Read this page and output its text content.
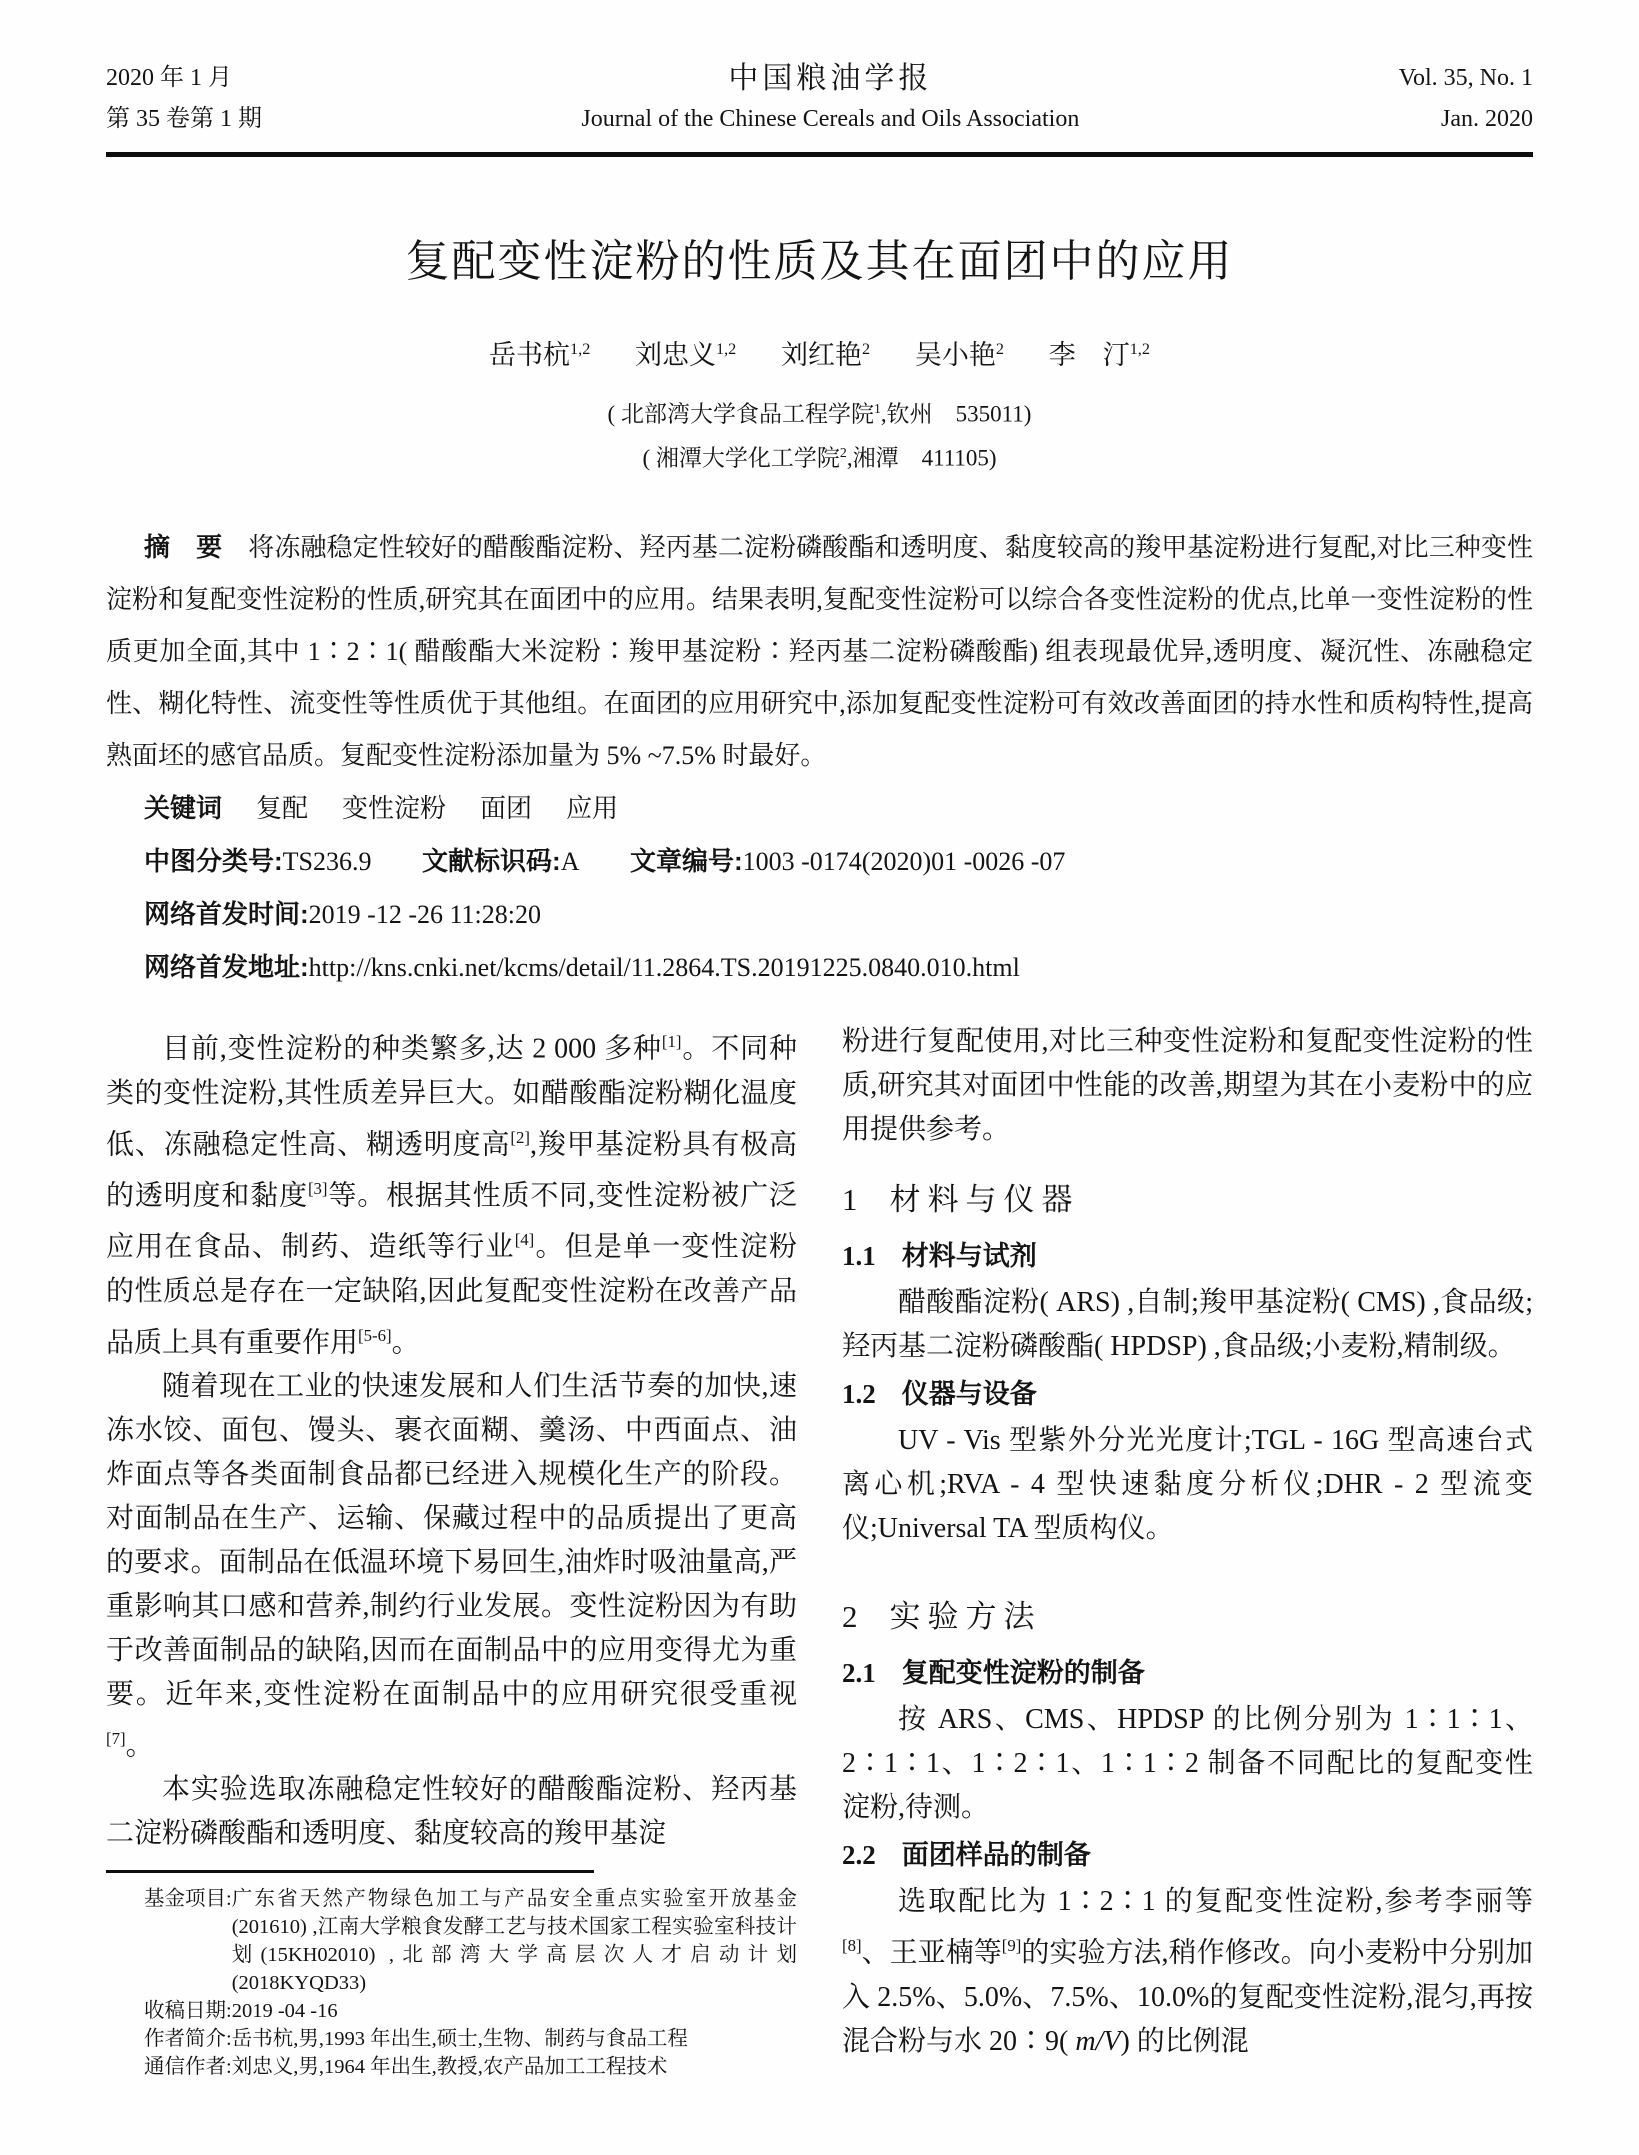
2020 年 1 月
第 35 卷第 1 期
中国粮油学报
Journal of the Chinese Cereals and Oils Association
Vol. 35, No. 1
Jan. 2020
复配变性淀粉的性质及其在面团中的应用
岳书杭$^{1,2}$ 刘忠义$^{1,2}$ 刘红艳$^2$ 吴小艳$^2$ 李　汀$^{1,2}$
( 北部湾大学食品工程学院$^1$,钦州　535011)
( 湘潭大学化工学院$^2$,湘潭　411105)

摘　要 将冻融稳定性较好的醋酸酯淀粉、羟丙基二淀粉磷酸酯和透明度、黏度较高的羧甲基淀粉进行复配,对比三种变性淀粉和复配变性淀粉的性质,研究其在面团中的应用。结果表明,复配变性淀粉可以综合各变性淀粉的优点,比单一变性淀粉的性质更加全面,其中 1∶2∶1( 醋酸酯大米淀粉∶羧甲基淀粉∶羟丙基二淀粉磷酸酯) 组表现最优异,透明度、凝沉性、冻融稳定性、糊化特性、流变性等性质优于其他组。在面团的应用研究中,添加复配变性淀粉可有效改善面团的持水性和质构特性,提高熟面坯的感官品质。复配变性淀粉添加量为 5% ~7.5% 时最好。

关键词 复配 变性淀粉 面团 应用
中图分类号:TS236.9 文献标识码:A 文章编号:1003 -0174(2020)01 -0026 -07
网络首发时间:2019 -12 -26 11:28:20
网络首发地址:http://kns.cnki.net/kcms/detail/11.2864.TS.20191225.0840.010.html

目前,变性淀粉的种类繁多,达 2 000 多种[1]。不同种类的变性淀粉,其性质差异巨大。如醋酸酯淀粉糊化温度低、冻融稳定性高、糊透明度高[2],羧甲基淀粉具有极高的透明度和黏度[3]等。根据其性质不同,变性淀粉被广泛应用在食品、制药、造纸等行业[4]。但是单一变性淀粉的性质总是存在一定缺陷,因此复配变性淀粉在改善产品品质上具有重要作用[5-6]。

随着现在工业的快速发展和人们生活节奏的加快,速冻水饺、面包、馒头、裹衣面糊、羹汤、中西面点、油炸面点等各类面制食品都已经进入规模化生产的阶段。对面制品在生产、运输、保藏过程中的品质提出了更高的要求。面制品在低温环境下易回生,油炸时吸油量高,严重影响其口感和营养,制约行业发展。变性淀粉因为有助于改善面制品的缺陷,因而在面制品中的应用变得尤为重要。近年来,变性淀粉在面制品中的应用研究很受重视[7]。

本实验选取冻融稳定性较好的醋酸酯淀粉、羟丙基二淀粉磷酸酯和透明度、黏度较高的羧甲基淀

基金项目: 广东省天然产物绿色加工与产品安全重点实验室开放基金(201610) ,江南大学粮食发酵工艺与技术国家工程实验室科技计划(15KH02010) ,北部湾大学高层次人才启动计划(2018KYQD33)
收稿日期: 2019 -04 -16
作者简介: 岳书杭,男,1993 年出生,硕士,生物、制药与食品工程
通信作者: 刘忠义,男,1964 年出生,教授,农产品加工工程技术

粉进行复配使用,对比三种变性淀粉和复配变性淀粉的性质,研究其对面团中性能的改善,期望为其在小麦粉中的应用提供参考。

1 材料与仪器
1.1 材料与试剂

醋酸酯淀粉( ARS) ,自制;羧甲基淀粉( CMS) ,食品级;羟丙基二淀粉磷酸酯( HPDSP) ,食品级;小麦粉,精制级。

1.2 仪器与设备

UV - Vis 型紫外分光光度计;TGL - 16G 型高速台式离心机;RVA - 4 型快速黏度分析仪;DHR - 2 型流变仪;Universal TA 型质构仪。

2 实验方法
2.1 复配变性淀粉的制备

按 ARS、CMS、HPDSP 的比例分别为 1∶1∶1、2∶1∶1、1∶2∶1、1∶1∶2 制备不同配比的复配变性淀粉,待测。

2.2 面团样品的制备

选取配比为 1∶2∶1 的复配变性淀粉,参考李丽等[8]、王亚楠等[9]的实验方法,稍作修改。向小麦粉中分别加入 2.5%、5.0%、7.5%、10.0%的复配变性淀粉,混匀,再按混合粉与水 20∶9( m/V) 的比例混
